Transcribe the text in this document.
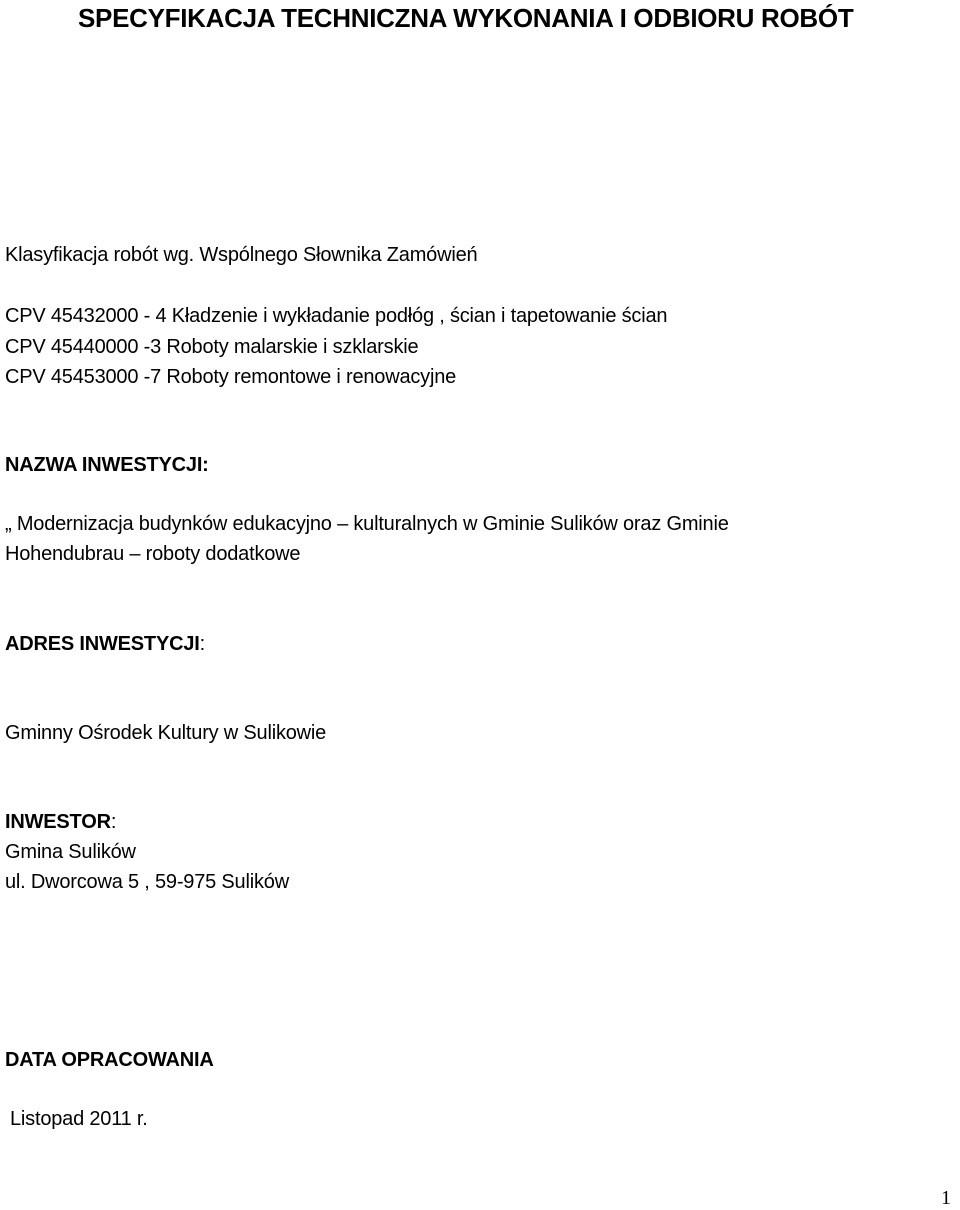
SPECYFIKACJA TECHNICZNA WYKONANIA I ODBIORU ROBÓT
Klasyfikacja robót wg. Wspólnego Słownika Zamówień
CPV 45432000 - 4 Kładzenie i wykładanie podłóg , ścian i tapetowanie ścian
CPV 45440000 -3 Roboty malarskie i szklarskie
CPV 45453000 -7 Roboty remontowe i renowacyjne
NAZWA INWESTYCJI:
„ Modernizacja budynków edukacyjno – kulturalnych w Gminie Sulików oraz Gminie
Hohendubrau – roboty dodatkowe
ADRES INWESTYCJI:
Gminny Ośrodek Kultury w Sulikowie
INWESTOR:
Gmina Sulików
ul. Dworcowa 5 , 59-975 Sulików
DATA OPRACOWANIA
Listopad 2011 r.
1
